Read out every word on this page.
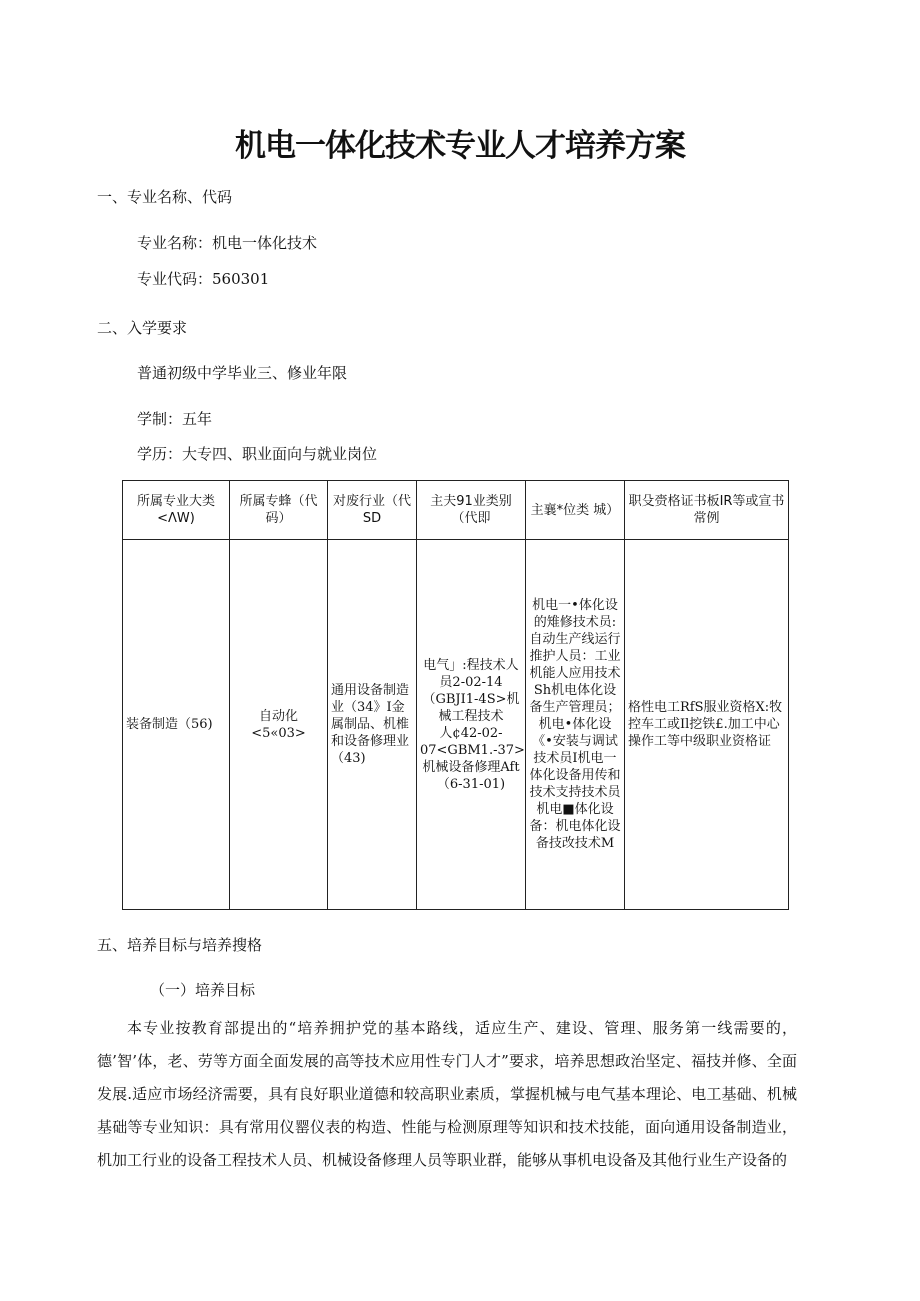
机电一体化技术专业人才培养方案
一、专业名称、代码
专业名称：机电一体化技术
专业代码：560301
二、入学要求
普通初级中学毕业三、修业年限
学制：五年
学历：大专四、职业面向与就业岗位
所属专业大类 <ΛW)	所属专蜂（代码）	对废行业（代SD	主夫91业类别（代即	主襄*位类 城）	职殳赍格证书板IR等或宣书常例
装备制造（56)	自动化<5«03>	通用设备制造业（34》I金属制品、机椎和设备修理业（43)	电气」:程技术人员2-02-14（GBJI1-4S>机械工程技术人¢42-02-07<GBM1.-37>机械设备修理Aft（6-31-01)	机电一•体化设的雉修技术员:自动生产线运行推护人员：工业机能人应用技术Sh机电体化设备生产管理员；机电•体化设《•安装与调试技术员I机电一体化设备用传和技术支持技术员机电■体化设备：机电体化设备技改技术M	格性电工RfS服业资格X:牧控车工或Il挖铁£.加工中心操作工等中级职业资格证
五、培养目标与培养搜格
（一）培养目标

本专业按教育部提出的“培养拥护党的基本路线，适应生产、建设、管理、服务第一线需要的，德’智’体，老、劳等方面全面发展的高等技术应用性专门人才”要求，培养思想政治坚定、福技并修、全面发展.适应市场经济需要，具有良好职业道德和较高职业素质，掌握机械与电气基本理论、电工基础、机械基础等专业知识：具有常用仪罂仪表的构造、性能与检测原理等知识和技术技能，面向通用设备制造业，机加工行业的设备工程技术人员、机械设备修理人员等职业群，能够从事机电设备及其他行业生产设备的
